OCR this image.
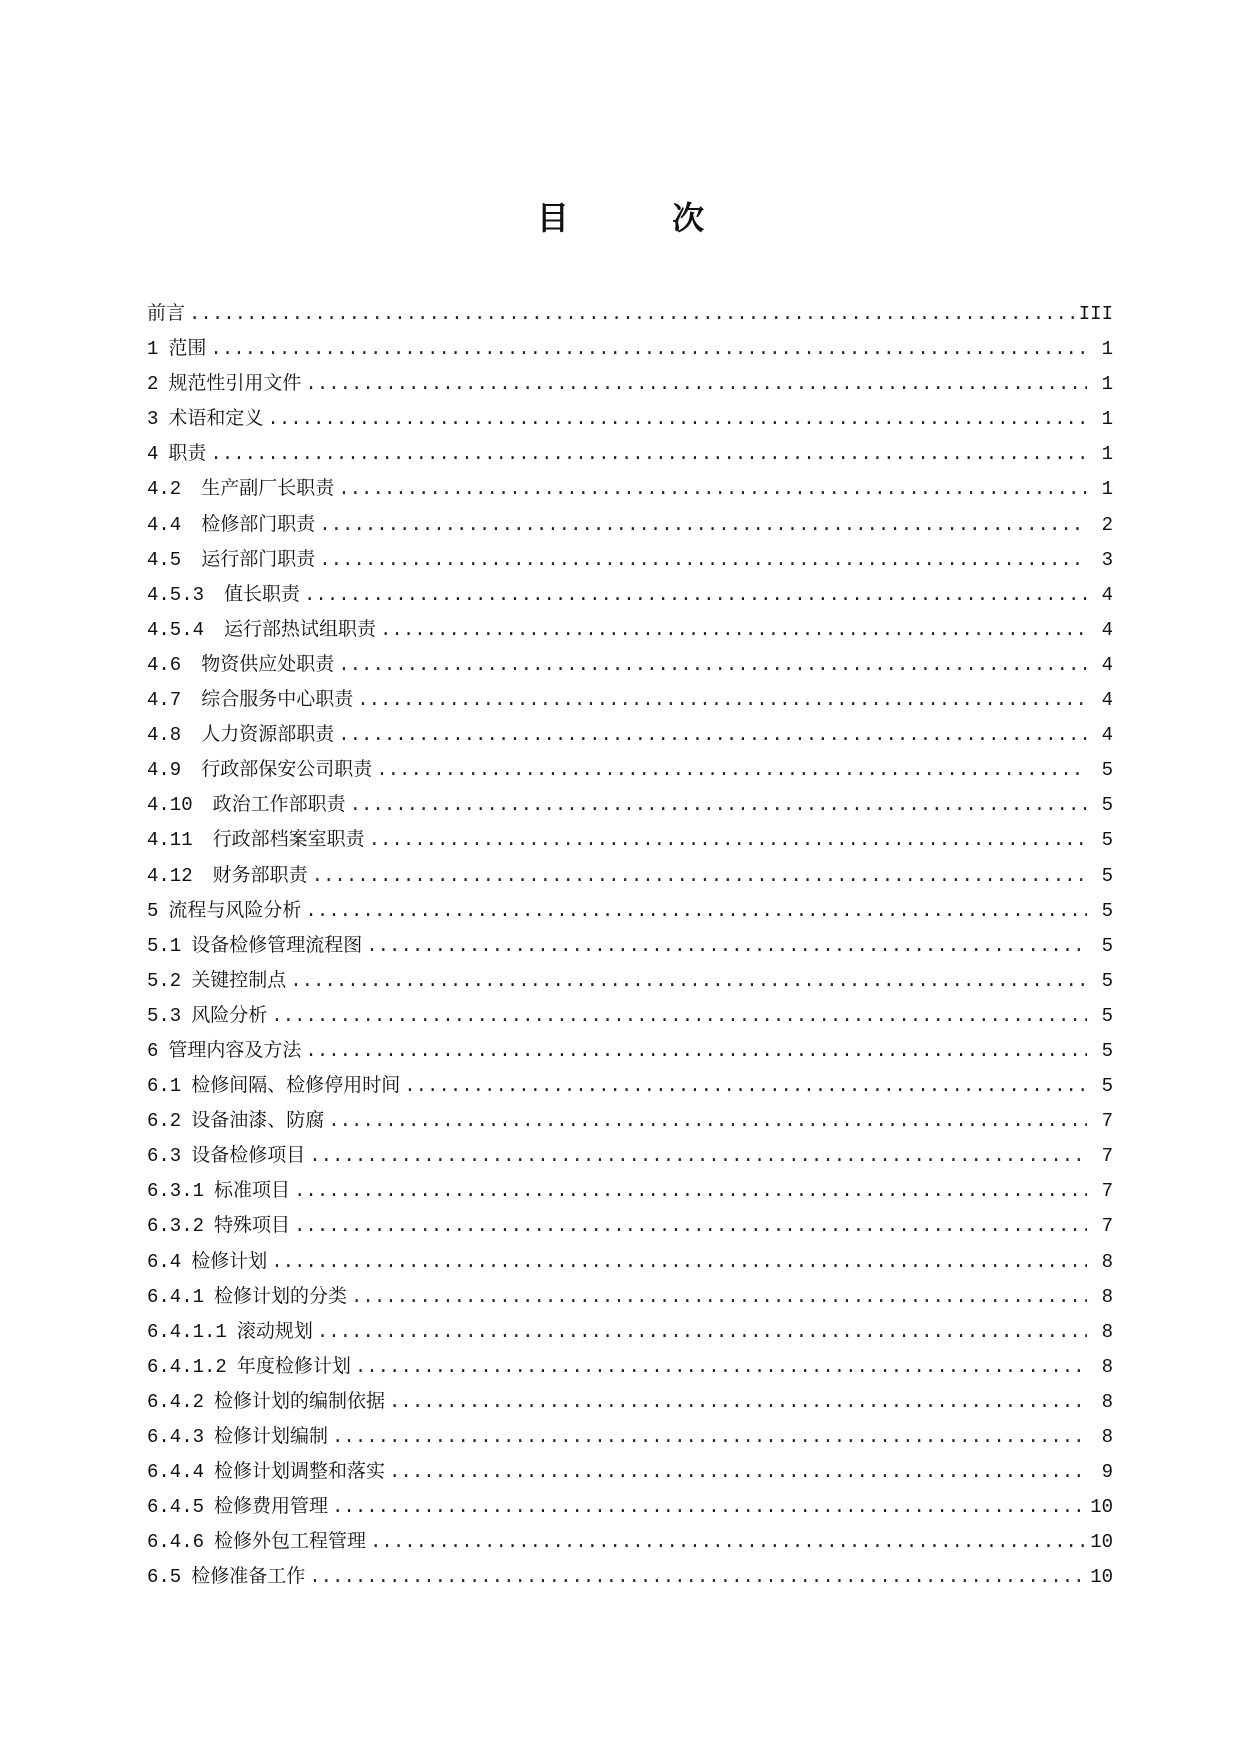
目 次
前言 .....	III
1 范围 .....	1
2 规范性引用文件 .....	1
3 术语和定义 .....	1
4 职责 .....	1
4.2 生产副厂长职责 .....	1
4.4 检修部门职责 .....	2
4.5 运行部门职责 .....	3
4.5.3 值长职责 .....	4
4.5.4 运行部热试组职责 .....	4
4.6 物资供应处职责 .....	4
4.7 综合服务中心职责 .....	4
4.8 人力资源部职责 .....	4
4.9 行政部保安公司职责 .....	5
4.10 政治工作部职责 .....	5
4.11 行政部档案室职责 .....	5
4.12 财务部职责 .....	5
5 流程与风险分析 .....	5
5.1 设备检修管理流程图 .....	5
5.2 关键控制点 .....	5
5.3 风险分析 .....	5
6 管理内容及方法 .....	5
6.1 检修间隔、检修停用时间 .....	5
6.2 设备油漆、防腐 .....	7
6.3 设备检修项目 .....	7
6.3.1 标准项目 .....	7
6.3.2 特殊项目 .....	7
6.4 检修计划 .....	8
6.4.1 检修计划的分类 .....	8
6.4.1.1 滚动规划 .....	8
6.4.1.2 年度检修计划 .....	8
6.4.2 检修计划的编制依据 .....	8
6.4.3 检修计划编制 .....	8
6.4.4 检修计划调整和落实 .....	9
6.4.5 检修费用管理 .....	10
6.4.6 检修外包工程管理 .....	10
6.5 检修准备工作 .....	10
